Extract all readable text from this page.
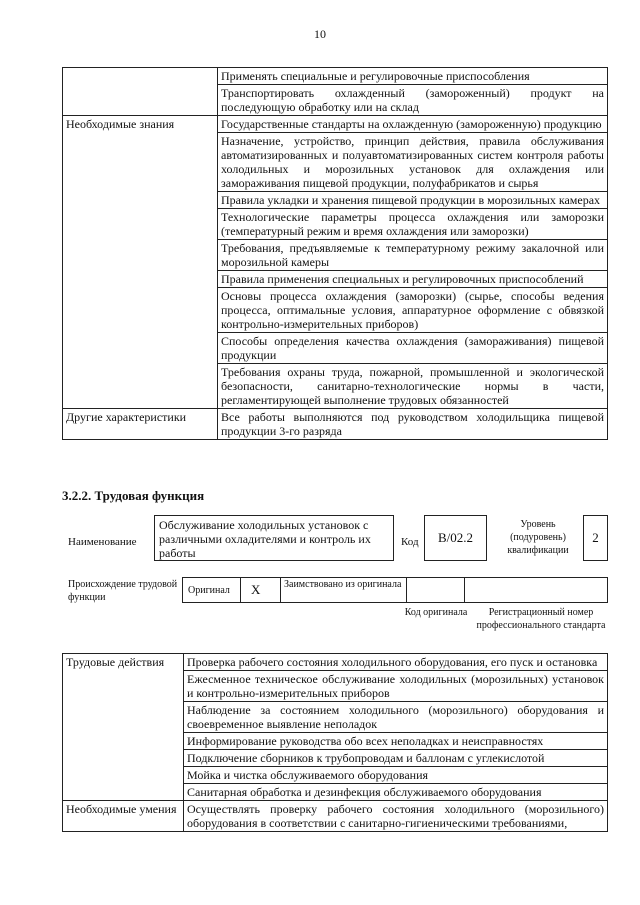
10
	Применять специальные и регулировочные приспособления
	Транспортировать охлажденный (замороженный) продукт на последующую обработку или на склад
Необходимые знания	Государственные стандарты на охлажденную (замороженную) продукцию
	Назначение, устройство, принцип действия, правила обслуживания автоматизированных и полуавтоматизированных систем контроля работы холодильных и морозильных установок для охлаждения или замораживания пищевой продукции, полуфабрикатов и сырья
	Правила укладки и хранения пищевой продукции в морозильных камерах
	Технологические параметры процесса охлаждения или заморозки (температурный режим и время охлаждения или заморозки)
	Требования, предъявляемые к температурному режиму закалочной или морозильной камеры
	Правила применения специальных и регулировочных приспособлений
	Основы процесса охлаждения (заморозки) (сырье, способы ведения процесса, оптимальные условия, аппаратурное оформление с обвязкой контрольно-измерительных приборов)
	Способы определения качества охлаждения (замораживания) пищевой продукции
	Требования охраны труда, пожарной, промышленной и экологической безопасности, санитарно-технологические нормы в части, регламентирующей выполнение трудовых обязанностей
Другие характеристики	Все работы выполняются под руководством холодильщика пищевой продукции 3-го разряда
3.2.2. Трудовая функция
Наименование
Обслуживание холодильных установок с различными охладителями и контроль их работы
Код B/02.2
Уровень (подуровень) квалификации
2
Происхождение трудовой функции
Оригинал X Заимствовано из оригинала
Код оригинала	Регистрационный номер профессионального стандарта
Трудовые действия	Проверка рабочего состояния холодильного оборудования, его пуск и остановка
	Ежесменное техническое обслуживание холодильных (морозильных) установок и контрольно-измерительных приборов
	Наблюдение за состоянием холодильного (морозильного) оборудования и своевременное выявление неполадок
	Информирование руководства обо всех неполадках и неисправностях
	Подключение сборников к трубопроводам и баллонам с углекислотой
	Мойка и чистка обслуживаемого оборудования
	Санитарная обработка и дезинфекция обслуживаемого оборудования
Необходимые умения	Осуществлять проверку рабочего состояния холодильного (морозильного) оборудования в соответствии с санитарно-гигиеническими требованиями,
